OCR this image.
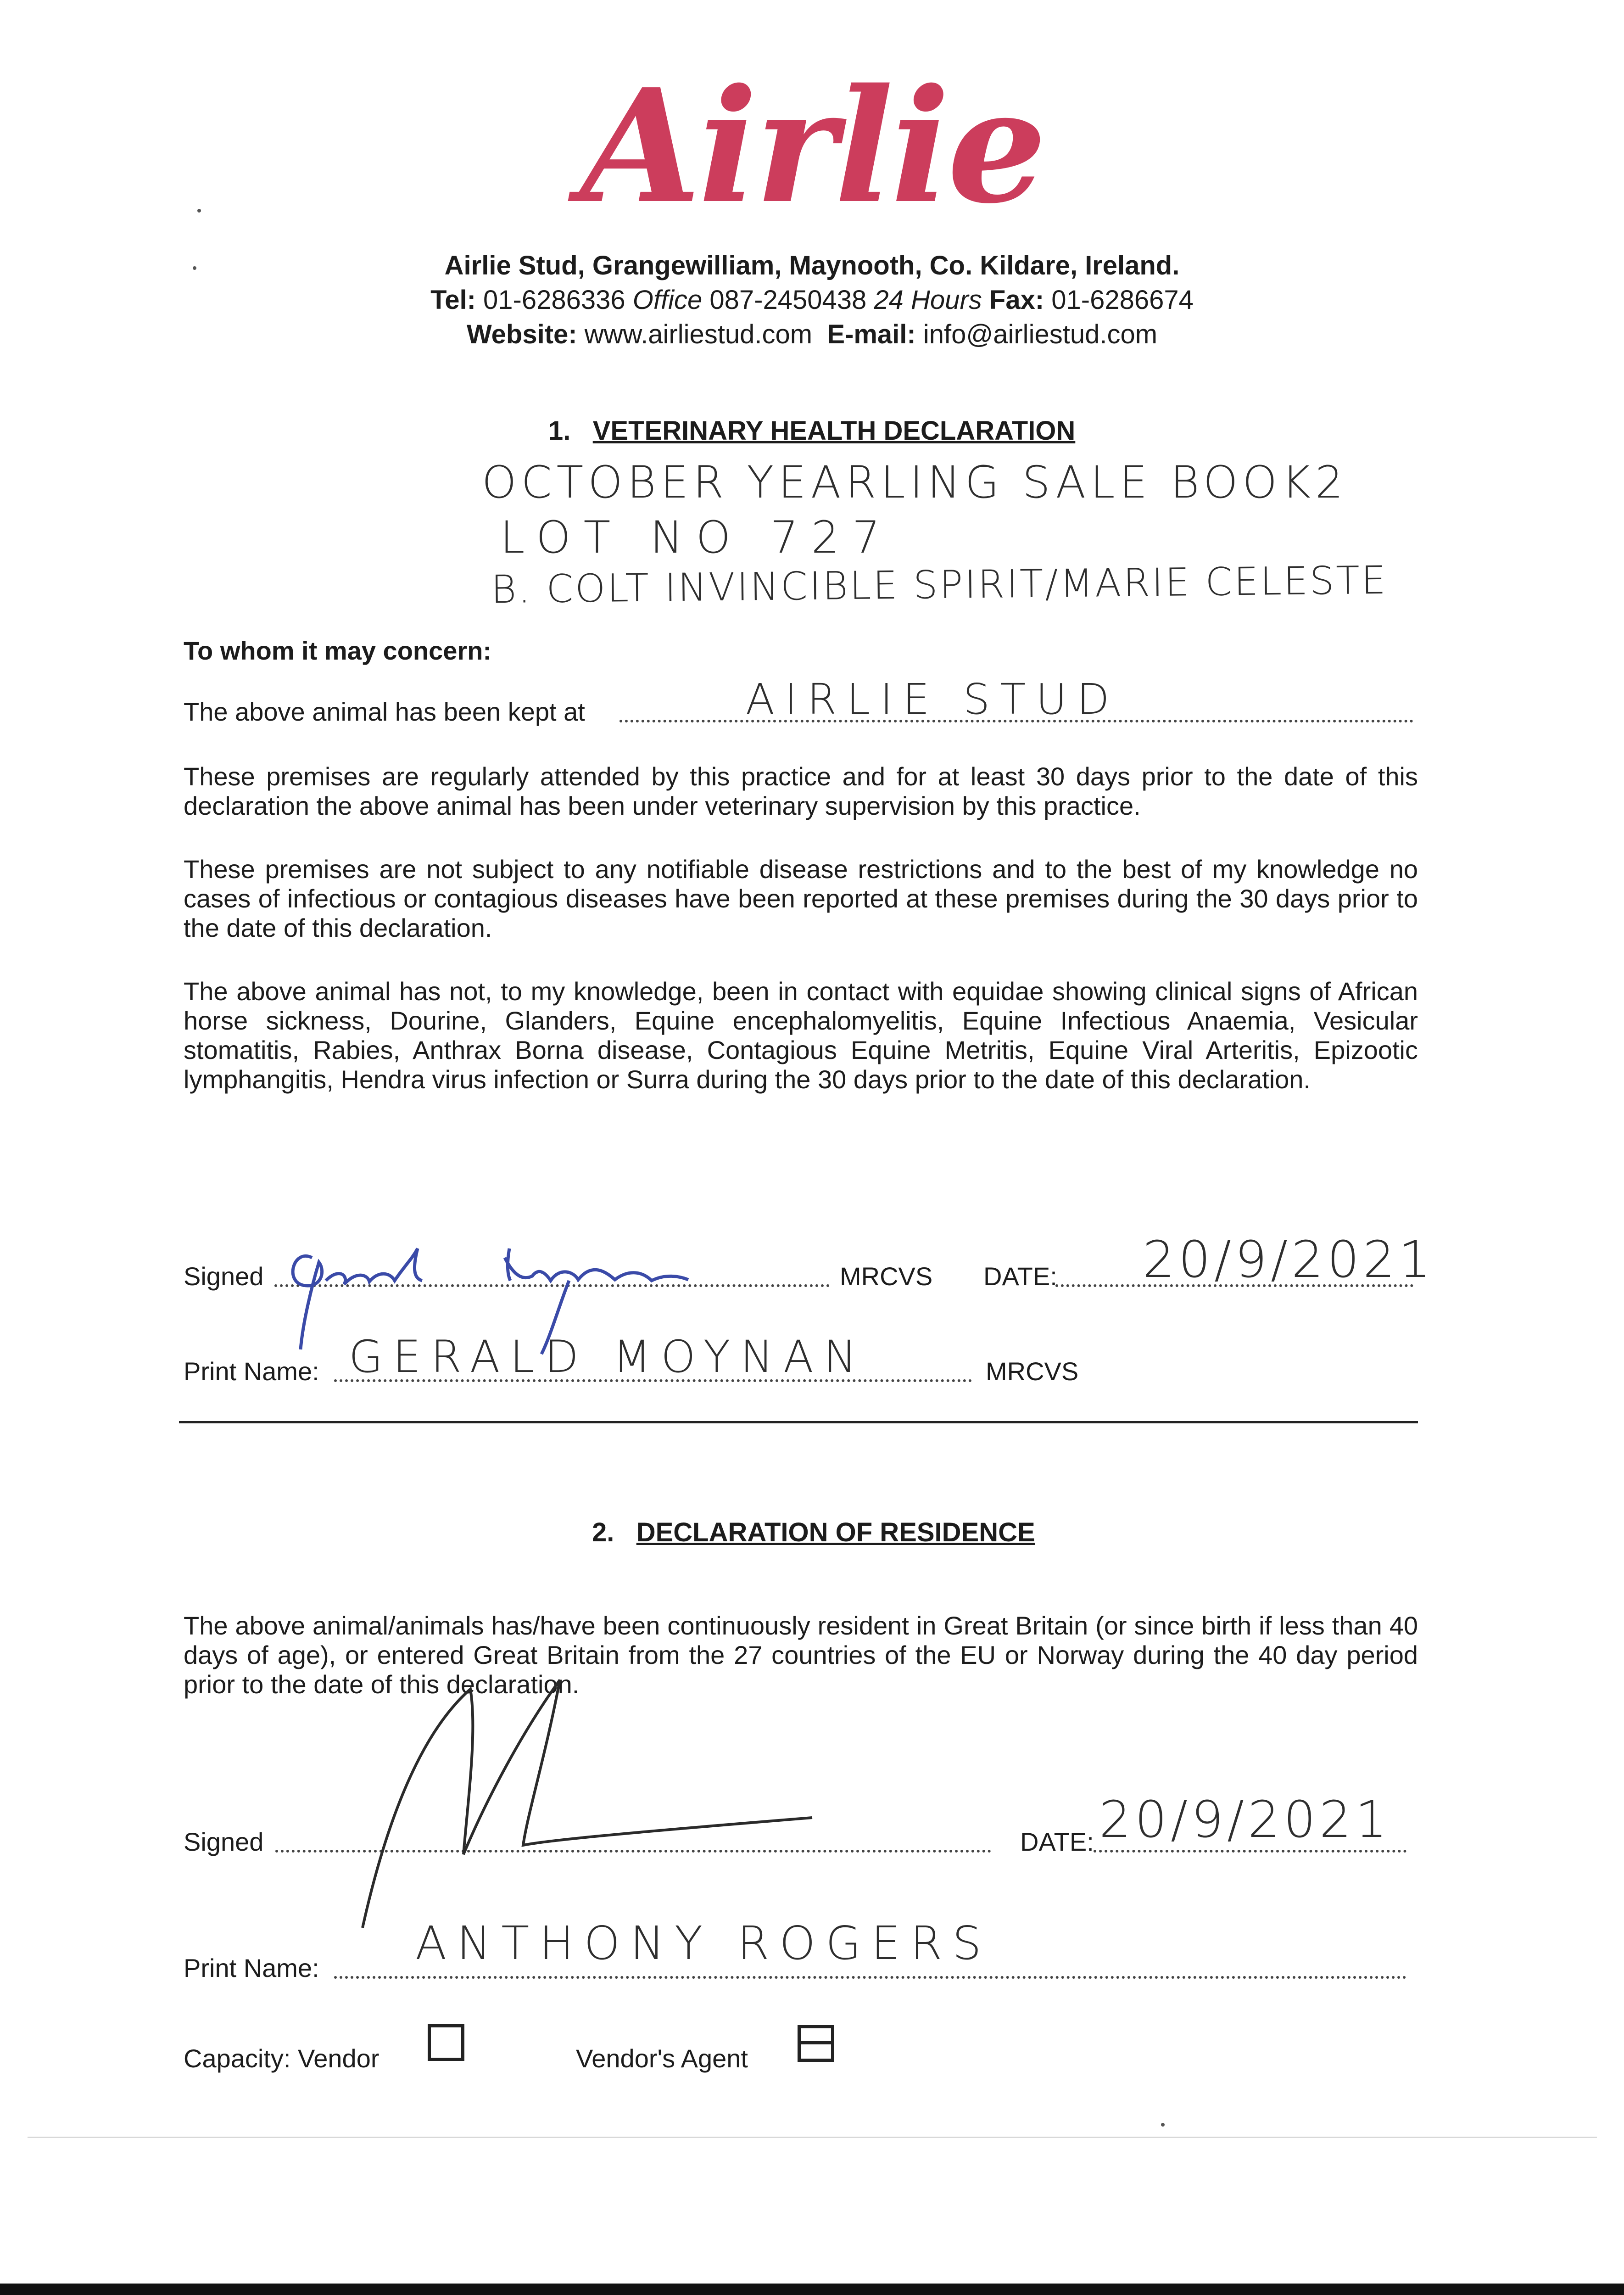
Airlie
Airlie Stud, Grangewilliam, Maynooth, Co. Kildare, Ireland.
Tel: 01-6286336 Office 087-2450438 24 Hours Fax: 01-6286674
Website: www.airliestud.com E-mail: info@airliestud.com
1. VETERINARY HEALTH DECLARATION
OCTOBER YEARLING SALE BOOK2
LOT NO 727
B. COLT INVINCIBLE SPIRIT/MARIE CELESTE
To whom it may concern:
The above animal has been kept at	AIRLIE STUD
These premises are regularly attended by this practice and for at least 30 days prior to the date of this declaration the above animal has been under veterinary supervision by this practice.
These premises are not subject to any notifiable disease restrictions and to the best of my knowledge no cases of infectious or contagious diseases have been reported at these premises during the 30 days prior to the date of this declaration.
The above animal has not, to my knowledge, been in contact with equidae showing clinical signs of African horse sickness, Dourine, Glanders, Equine encephalomyelitis, Equine Infectious Anaemia, Vesicular stomatitis, Rabies, Anthrax Borna disease, Contagious Equine Metritis, Equine Viral Arteritis, Epizootic lymphangitis, Hendra virus infection or Surra during the 30 days prior to the date of this declaration.
Signed	MRCVS DATE: 20/9/2021
Print Name: GERALD MOYNAN	MRCVS
2. DECLARATION OF RESIDENCE
The above animal/animals has/have been continuously resident in Great Britain (or since birth if less than 40 days of age), or entered Great Britain from the 27 countries of the EU or Norway during the 40 day period prior to the date of this declaration.
Signed	DATE: 20/9/2021
Print Name: ANTHONY ROGERS
Capacity: Vendor	Vendor's Agent
